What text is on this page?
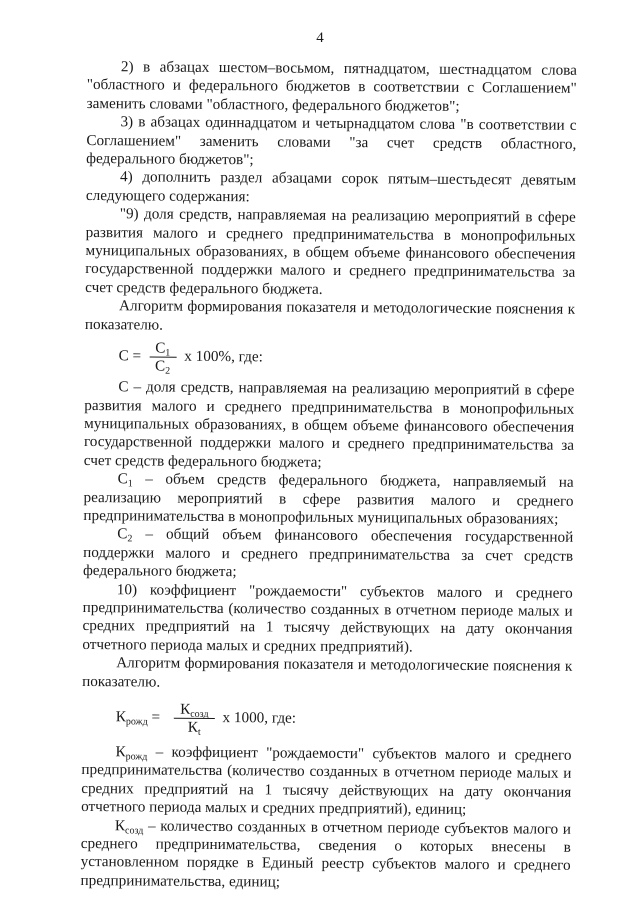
4

2) в абзацах шестом–восьмом, пятнадцатом, шестнадцатом слова "областного и федерального бюджетов в соответствии с Соглашением" заменить словами "областного, федерального бюджетов";

3) в абзацах одиннадцатом и четырнадцатом слова "в соответствии с Соглашением" заменить словами "за счет средств областного, федерального бюджетов";

4) дополнить раздел абзацами сорок пятым–шестьдесят девятым следующего содержания:

"9) доля средств, направляемая на реализацию мероприятий в сфере развития малого и среднего предпринимательства в монопрофильных муниципальных образованиях, в общем объеме финансового обеспечения государственной поддержки малого и среднего предпринимательства за счет средств федерального бюджета.

Алгоритм формирования показателя и методологические пояснения к показателю.

$С = \frac{С_1}{С_2}$ х 100%, где:

С – доля средств, направляемая на реализацию мероприятий в сфере развития малого и среднего предпринимательства в монопрофильных муниципальных образованиях, в общем объеме финансового обеспечения государственной поддержки малого и среднего предпринимательства за счет средств федерального бюджета;

$С_1$ – объем средств федерального бюджета, направляемый на реализацию мероприятий в сфере развития малого и среднего предпринимательства в монопрофильных муниципальных образованиях;

$С_2$ – общий объем финансового обеспечения государственной поддержки малого и среднего предпринимательства за счет средств федерального бюджета;

10) коэффициент "рождаемости" субъектов малого и среднего предпринимательства (количество созданных в отчетном периоде малых и средних предприятий на 1 тысячу действующих на дату окончания отчетного периода малых и средних предприятий).

Алгоритм формирования показателя и методологические пояснения к показателю.

$К_{рожд} = \frac{К_{созд}}{К_t}$ х 1000, где:

$К_{рожд}$ – коэффициент "рождаемости" субъектов малого и среднего предпринимательства (количество созданных в отчетном периоде малых и средних предприятий на 1 тысячу действующих на дату окончания отчетного периода малых и средних предприятий), единиц;

$К_{созд}$ – количество созданных в отчетном периоде субъектов малого и среднего предпринимательства, сведения о которых внесены в установленном порядке в Единый реестр субъектов малого и среднего предпринимательства, единиц;
